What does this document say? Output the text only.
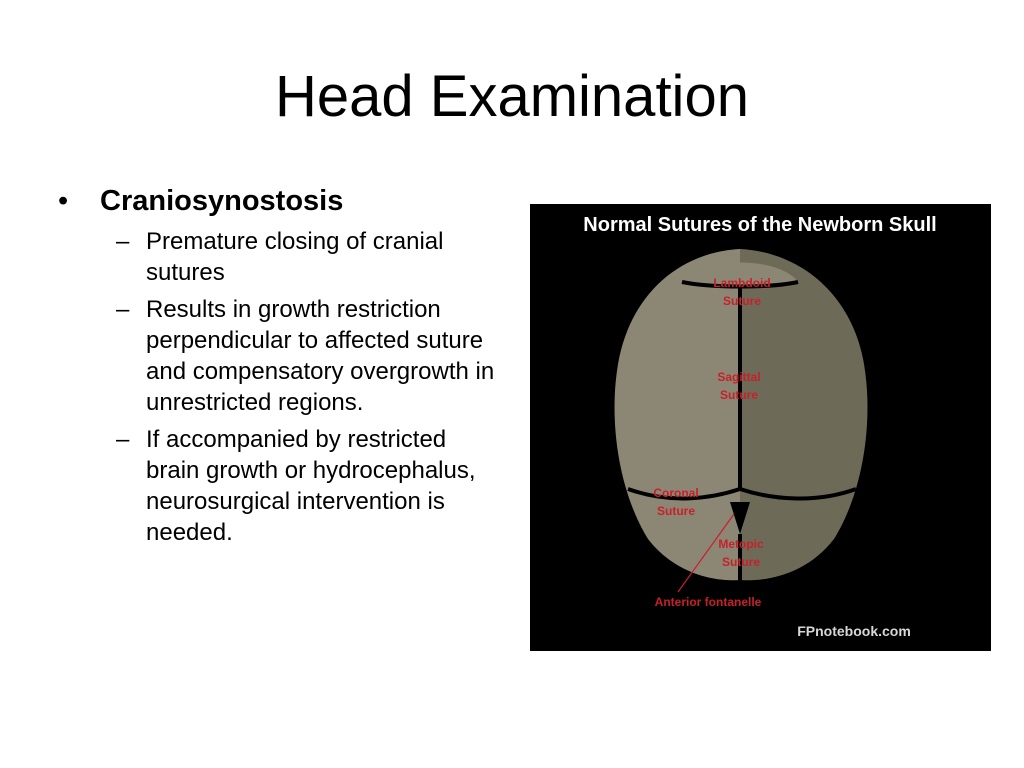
Head Examination
•	Craniosynostosis
– Premature closing of cranial sutures
– Results in growth restriction perpendicular to affected suture and compensatory overgrowth in unrestricted regions.
– If accompanied by restricted brain growth or hydrocephalus, neurosurgical intervention is needed.
Normal Sutures of the Newborn Skull
Lambdoid
Suture
Sagittal
Suture
Coronal
Suture
Metopic
Suture
Anterior fontanelle
FPnotebook.com
